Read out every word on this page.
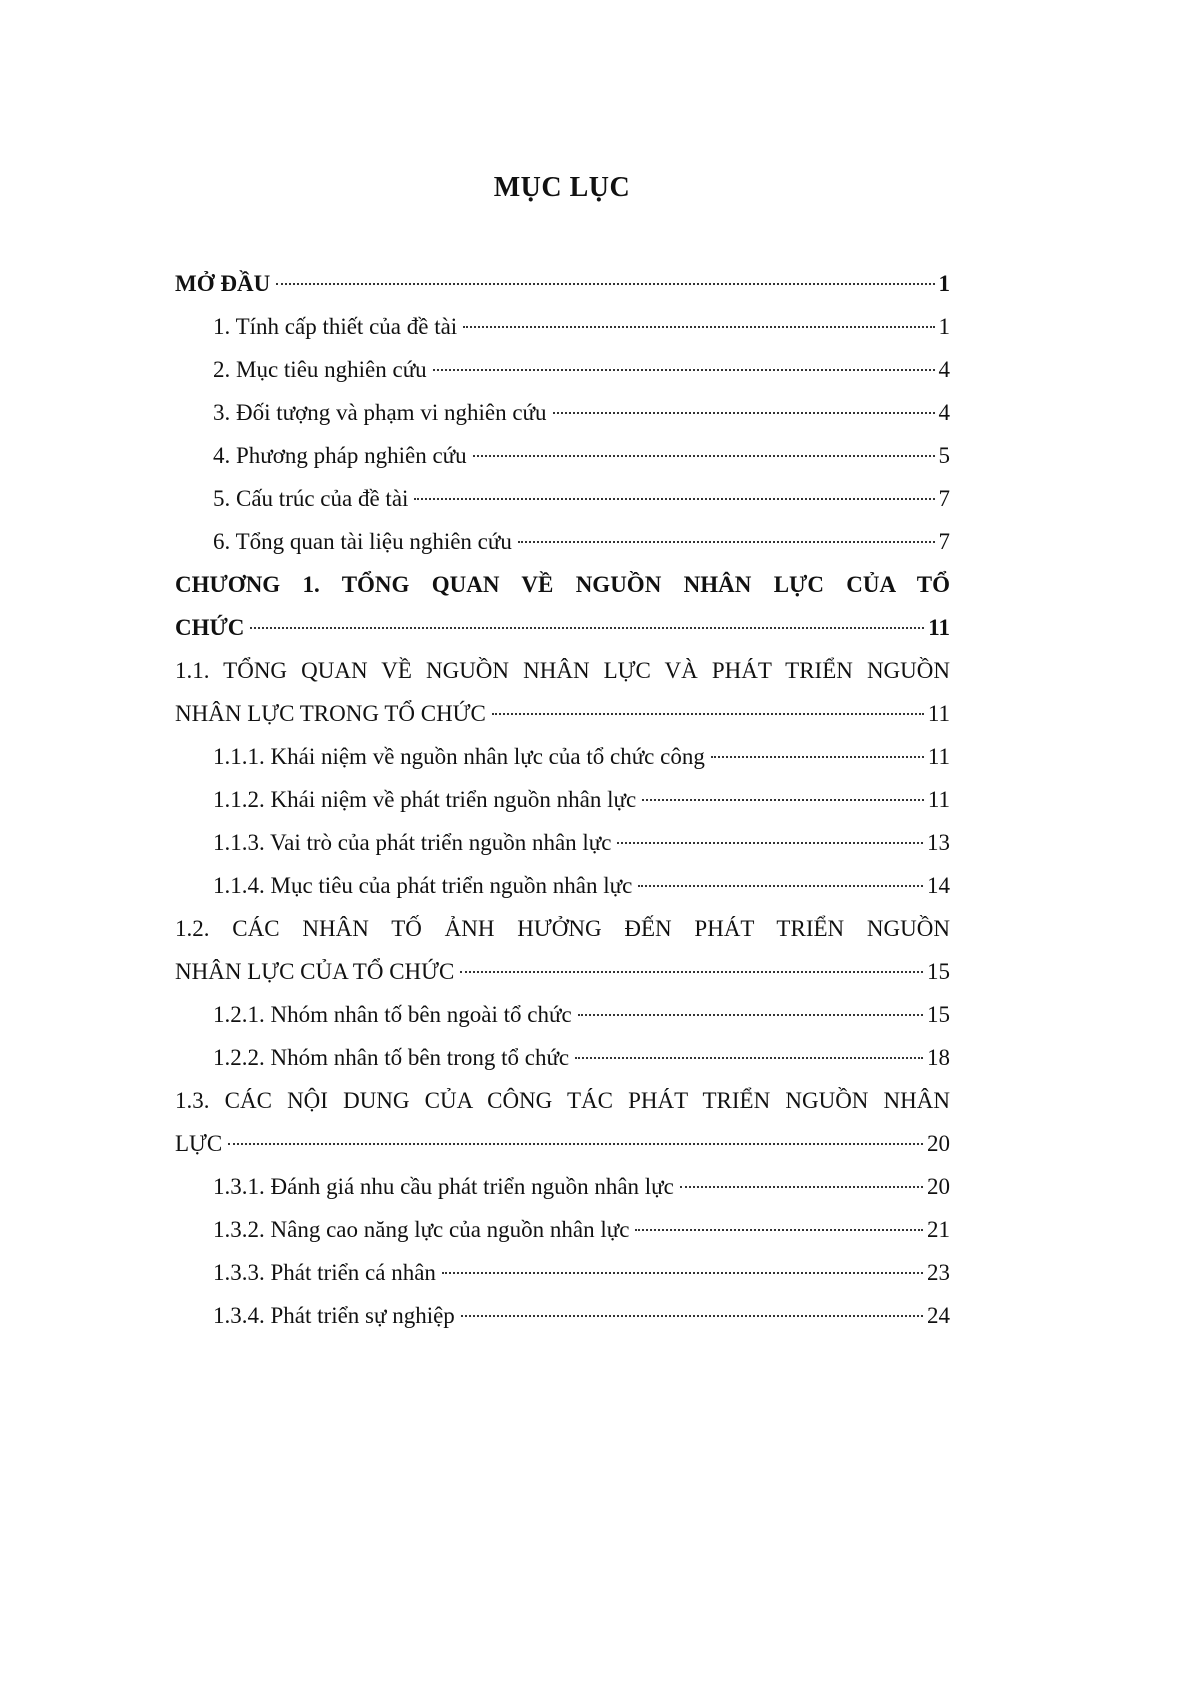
MỤC LỤC
MỞ ĐẦU	1
1. Tính cấp thiết của đề tài	1
2. Mục tiêu nghiên cứu	4
3. Đối tượng và phạm vi nghiên cứu	4
4. Phương pháp nghiên cứu	5
5. Cấu trúc của đề tài	7
6. Tổng quan tài liệu nghiên cứu	7
CHƯƠNG 1. TỔNG QUAN VỀ NGUỒN NHÂN LỰC CỦA TỔ
CHỨC	11
1.1. TỔNG QUAN VỀ NGUỒN NHÂN LỰC VÀ PHÁT TRIỂN NGUỒN
NHÂN LỰC TRONG TỔ CHỨC	11
1.1.1. Khái niệm về nguồn nhân lực của tổ chức công	11
1.1.2. Khái niệm về phát triển nguồn nhân lực	11
1.1.3. Vai trò của phát triển nguồn nhân lực	13
1.1.4. Mục tiêu của phát triển nguồn nhân lực	14
1.2. CÁC NHÂN TỐ ẢNH HƯỞNG ĐẾN PHÁT TRIỂN NGUỒN
NHÂN LỰC CỦA TỔ CHỨC	15
1.2.1. Nhóm nhân tố bên ngoài tổ chức	15
1.2.2. Nhóm nhân tố bên trong tổ chức	18
1.3. CÁC NỘI DUNG CỦA CÔNG TÁC PHÁT TRIỂN NGUỒN NHÂN
LỰC	20
1.3.1. Đánh giá nhu cầu phát triển nguồn nhân lực	20
1.3.2. Nâng cao năng lực của nguồn nhân lực	21
1.3.3. Phát triển cá nhân	23
1.3.4. Phát triển sự nghiệp	24
